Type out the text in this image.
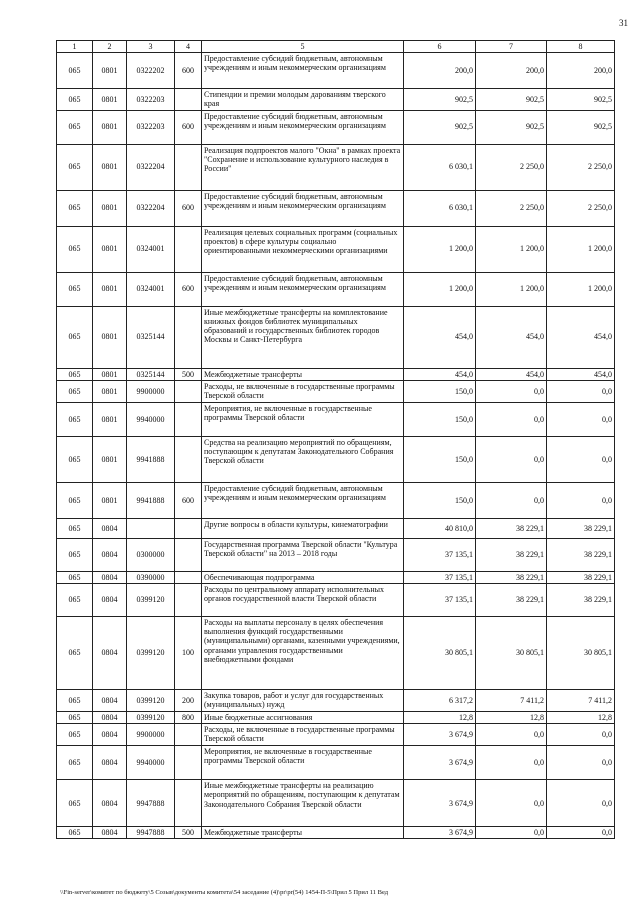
31
1	2	3	4	5	6	7	8
065	0801	0322202	600	Предоставление субсидий бюджетным, автономным учреждениям и иным некоммерческим организациям	200,0	200,0	200,0
065	0801	0322203		Стипендии и премии молодым дарованиям тверского края	902,5	902,5	902,5
065	0801	0322203	600	Предоставление субсидий бюджетным, автономным учреждениям и иным некоммерческим организациям	902,5	902,5	902,5
065	0801	0322204		Реализация подпроектов малого "Окна" в рамках проекта "Сохранение и использование культурного наследия в России"	6 030,1	2 250,0	2 250,0
065	0801	0322204	600	Предоставление субсидий бюджетным, автономным учреждениям и иным некоммерческим организациям	6 030,1	2 250,0	2 250,0
065	0801	0324001		Реализация целевых социальных программ (социальных проектов) в сфере культуры социально ориентированными некоммерческими организациями	1 200,0	1 200,0	1 200,0
065	0801	0324001	600	Предоставление субсидий бюджетным, автономным учреждениям и иным некоммерческим организациям	1 200,0	1 200,0	1 200,0
065	0801	0325144		Иные межбюджетные трансферты на комплектование книжных фондов библиотек муниципальных образований и государственных библиотек городов Москвы и Санкт-Петербурга	454,0	454,0	454,0
065	0801	0325144	500	Межбюджетные трансферты	454,0	454,0	454,0
065	0801	9900000		Расходы, не включенные в государственные программы Тверской области	150,0	0,0	0,0
065	0801	9940000		Мероприятия, не включенные в государственные программы Тверской области	150,0	0,0	0,0
065	0801	9941888		Средства на реализацию мероприятий по обращениям, поступающим к депутатам Законодательного Собрания Тверской области	150,0	0,0	0,0
065	0801	9941888	600	Предоставление субсидий бюджетным, автономным учреждениям и иным некоммерческим организациям	150,0	0,0	0,0
065	0804			Другие вопросы в области культуры, кинематографии	40 810,0	38 229,1	38 229,1
065	0804	0300000		Государственная программа Тверской области "Культура Тверской области" на 2013 – 2018 годы	37 135,1	38 229,1	38 229,1
065	0804	0390000		Обеспечивающая подпрограмма	37 135,1	38 229,1	38 229,1
065	0804	0399120		Расходы по центральному аппарату исполнительных органов государственной власти Тверской области	37 135,1	38 229,1	38 229,1
065	0804	0399120	100	Расходы на выплаты персоналу в целях обеспечения выполнения функций государственными (муниципальными) органами, казенными учреждениями, органами управления государственными внебюджетными фондами	30 805,1	30 805,1	30 805,1
065	0804	0399120	200	Закупка товаров, работ и услуг для государственных (муниципальных) нужд	6 317,2	7 411,2	7 411,2
065	0804	0399120	800	Иные бюджетные ассигнования	12,8	12,8	12,8
065	0804	9900000		Расходы, не включенные в государственные программы Тверской области	3 674,9	0,0	0,0
065	0804	9940000		Мероприятия, не включенные в государственные программы Тверской области	3 674,9	0,0	0,0
065	0804	9947888		Иные межбюджетные трансферты на реализацию мероприятий по обращениям, поступающим к депутатам Законодательного Собрания Тверской области	3 674,9	0,0	0,0
065	0804	9947888	500	Межбюджетные трансферты	3 674,9	0,0	0,0
\\Fin-server\комитет по бюджету\5 Созыв\документы комитета\54 заседание (4)\pr\pr(54) 1454-П-5\Прил 5 Прил 11 Вед
